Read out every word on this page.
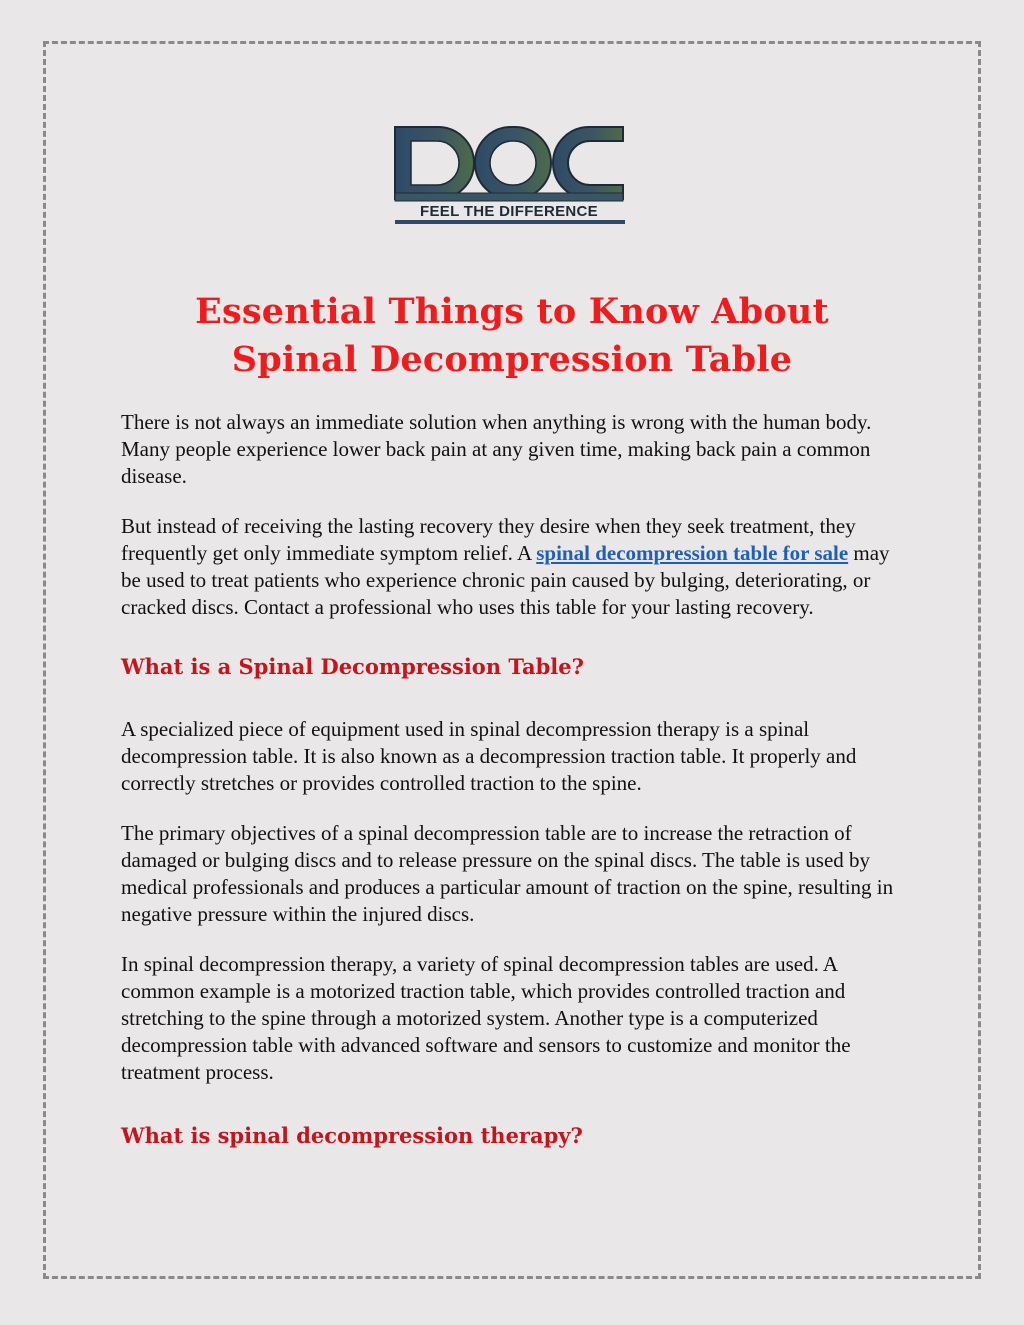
FEEL THE DIFFERENCE
Essential Things to Know About
Spinal Decompression Table

There is not always an immediate solution when anything is wrong with the human body. Many people experience lower back pain at any given time, making back pain a common disease.

But instead of receiving the lasting recovery they desire when they seek treatment, they frequently get only immediate symptom relief. A spinal decompression table for sale may be used to treat patients who experience chronic pain caused by bulging, deteriorating, or cracked discs. Contact a professional who uses this table for your lasting recovery.

What is a Spinal Decompression Table?

A specialized piece of equipment used in spinal decompression therapy is a spinal decompression table. It is also known as a decompression traction table. It properly and correctly stretches or provides controlled traction to the spine.

The primary objectives of a spinal decompression table are to increase the retraction of damaged or bulging discs and to release pressure on the spinal discs. The table is used by medical professionals and produces a particular amount of traction on the spine, resulting in negative pressure within the injured discs.

In spinal decompression therapy, a variety of spinal decompression tables are used. A common example is a motorized traction table, which provides controlled traction and stretching to the spine through a motorized system. Another type is a computerized decompression table with advanced software and sensors to customize and monitor the treatment process.

What is spinal decompression therapy?
